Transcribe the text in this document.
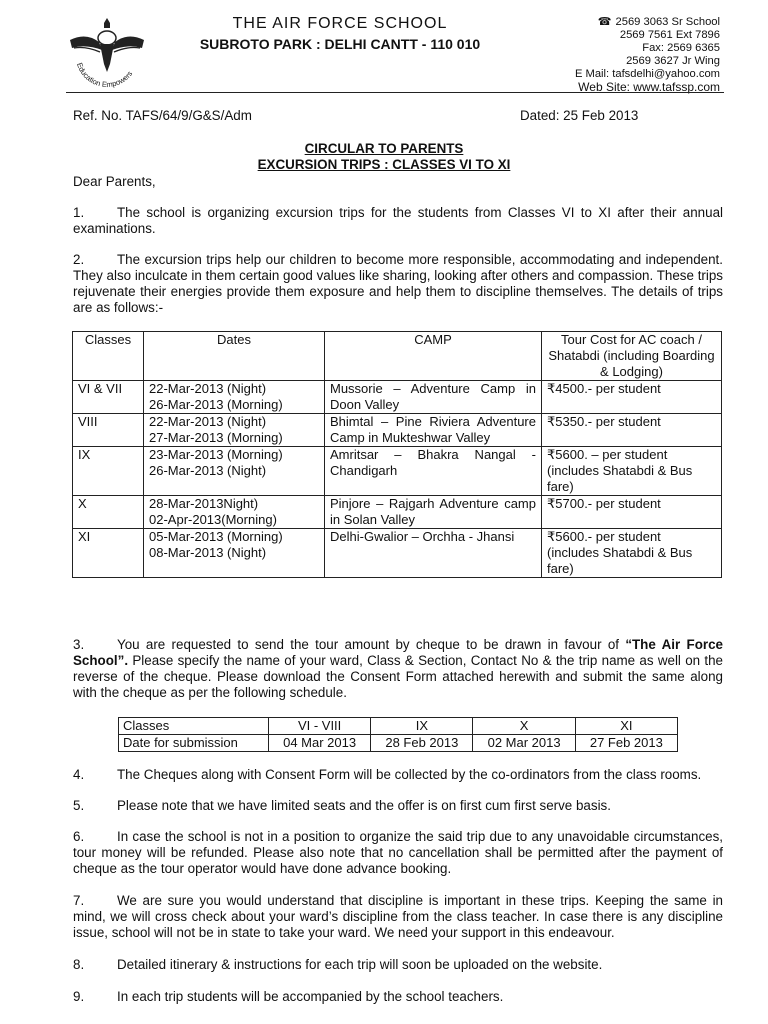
Education Empowers
THE AIR FORCE SCHOOL
SUBROTO PARK : DELHI CANTT - 110 010
☎ 2569 3063 Sr School
2569 7561 Ext 7896
Fax: 2569 6365
2569 3627 Jr Wing
E Mail: tafsdelhi@yahoo.com
Web Site: www.tafssp.com
Ref. No. TAFS/64/9/G&S/Adm	Dated: 25 Feb 2013
CIRCULAR TO PARENTS
EXCURSION TRIPS : CLASSES VI TO XI
Dear Parents,
1. The school is organizing excursion trips for the students from Classes VI to XI after their annual examinations.
2. The excursion trips help our children to become more responsible, accommodating and independent. They also inculcate in them certain good values like sharing, looking after others and compassion. These trips rejuvenate their energies provide them exposure and help them to discipline themselves. The details of trips are as follows:-
Classes	Dates	CAMP	Tour Cost for AC coach / Shatabdi (including Boarding & Lodging)
VI & VII	22-Mar-2013 (Night)
26-Mar-2013 (Morning)	Mussorie – Adventure Camp in Doon Valley	₹4500.- per student
VIII	22-Mar-2013 (Night)
27-Mar-2013 (Morning)	Bhimtal – Pine Riviera Adventure Camp in Mukteshwar Valley	₹5350.- per student
IX	23-Mar-2013 (Morning)
26-Mar-2013 (Night)	Amritsar – Bhakra Nangal - Chandigarh	₹5600. – per student (includes Shatabdi & Bus fare)
X	28-Mar-2013Night)
02-Apr-2013(Morning)	Pinjore – Rajgarh Adventure camp in Solan Valley	₹5700.- per student
XI	05-Mar-2013 (Morning)
08-Mar-2013 (Night)	Delhi-Gwalior – Orchha - Jhansi	₹5600.- per student (includes Shatabdi & Bus fare)
3. You are requested to send the tour amount by cheque to be drawn in favour of “The Air Force School”. Please specify the name of your ward, Class & Section, Contact No & the trip name as well on the reverse of the cheque. Please download the Consent Form attached herewith and submit the same along with the cheque as per the following schedule.
Classes	VI - VIII	IX	X	XI
Date for submission	04 Mar 2013	28 Feb 2013	02 Mar 2013	27 Feb 2013
4. The Cheques along with Consent Form will be collected by the co-ordinators from the class rooms.
5. Please note that we have limited seats and the offer is on first cum first serve basis.
6. In case the school is not in a position to organize the said trip due to any unavoidable circumstances, tour money will be refunded. Please also note that no cancellation shall be permitted after the payment of cheque as the tour operator would have done advance booking.
7. We are sure you would understand that discipline is important in these trips. Keeping the same in mind, we will cross check about your ward’s discipline from the class teacher. In case there is any discipline issue, school will not be in state to take your ward. We need your support in this endeavour.
8. Detailed itinerary & instructions for each trip will soon be uploaded on the website.
9. In each trip students will be accompanied by the school teachers.
